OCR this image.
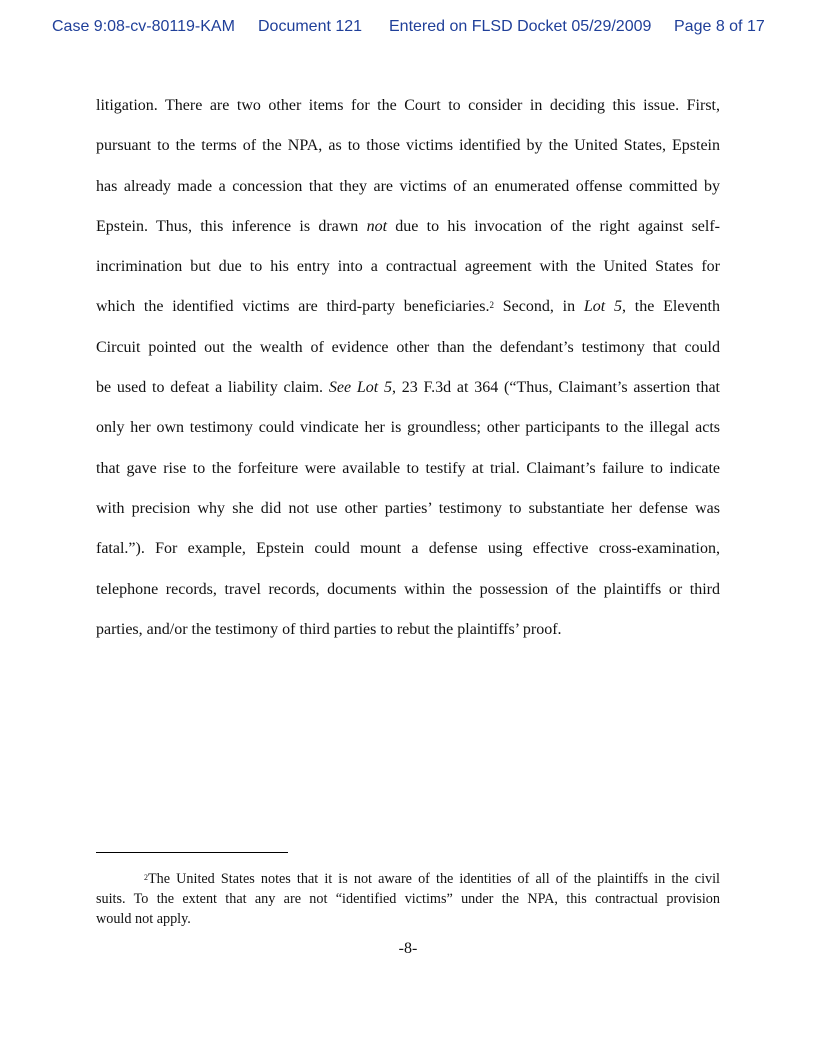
Case 9:08-cv-80119-KAM Document 121 Entered on FLSD Docket 05/29/2009 Page 8 of 17
litigation. There are two other items for the Court to consider in deciding this issue. First,
pursuant to the terms of the NPA, as to those victims identified by the United States, Epstein
has already made a concession that they are victims of an enumerated offense committed by
Epstein. Thus, this inference is drawn not due to his invocation of the right against self-
incrimination but due to his entry into a contractual agreement with the United States for
which the identified victims are third-party beneficiaries.$^2$ Second, in Lot 5, the Eleventh
Circuit pointed out the wealth of evidence other than the defendant’s testimony that could
be used to defeat a liability claim. See Lot 5, 23 F.3d at 364 (“Thus, Claimant’s assertion that
only her own testimony could vindicate her is groundless; other participants to the illegal acts
that gave rise to the forfeiture were available to testify at trial. Claimant’s failure to indicate
with precision why she did not use other parties’ testimony to substantiate her defense was
fatal.”). For example, Epstein could mount a defense using effective cross-examination,
telephone records, travel records, documents within the possession of the plaintiffs or third
parties, and/or the testimony of third parties to rebut the plaintiffs’ proof.
$^2$The United States notes that it is not aware of the identities of all of the plaintiffs in the civil
suits. To the extent that any are not “identified victims” under the NPA, this contractual provision
would not apply.
-8-
